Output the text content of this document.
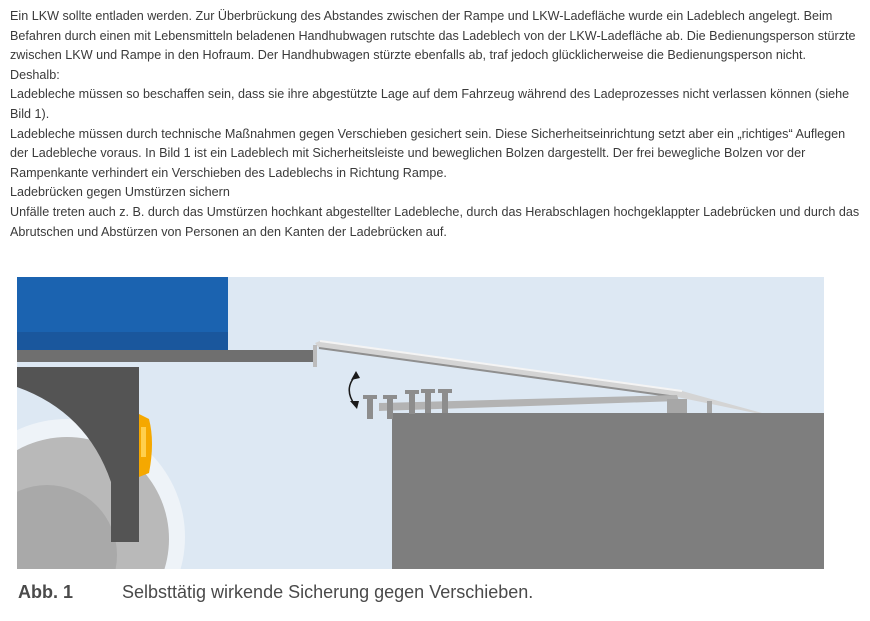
Ein LKW sollte entladen werden. Zur Überbrückung des Abstandes zwischen der Rampe und LKW-Ladefläche wurde ein Ladeblech angelegt. Beim Befahren durch einen mit Lebensmitteln beladenen Handhubwagen rutschte das Ladeblech von der LKW-Ladefläche ab. Die Bedienungsperson stürzte zwischen LKW und Rampe in den Hofraum. Der Handhubwagen stürzte ebenfalls ab, traf jedoch glücklicherweise die Bedienungsperson nicht.

Deshalb:

Ladebleche müssen so beschaffen sein, dass sie ihre abgestützte Lage auf dem Fahrzeug während des Ladeprozesses nicht verlassen können (siehe Bild 1).

Ladebleche müssen durch technische Maßnahmen gegen Verschieben gesichert sein. Diese Sicherheitseinrichtung setzt aber ein „richtiges“ Auflegen der Ladebleche voraus. In Bild 1 ist ein Ladeblech mit Sicherheitsleiste und beweglichen Bolzen dargestellt. Der frei bewegliche Bolzen vor der Rampenkante verhindert ein Verschieben des Ladeblechs in Richtung Rampe.

Ladebrücken gegen Umstürzen sichern

Unfälle treten auch z. B. durch das Umstürzen hochkant abgestellter Ladebleche, durch das Herabschlagen hochgeklappter Ladebrücken und durch das Abrutschen und Abstürzen von Personen an den Kanten der Ladebrücken auf.

Abb. 1	Selbsttätig wirkende Sicherung gegen Verschieben.
